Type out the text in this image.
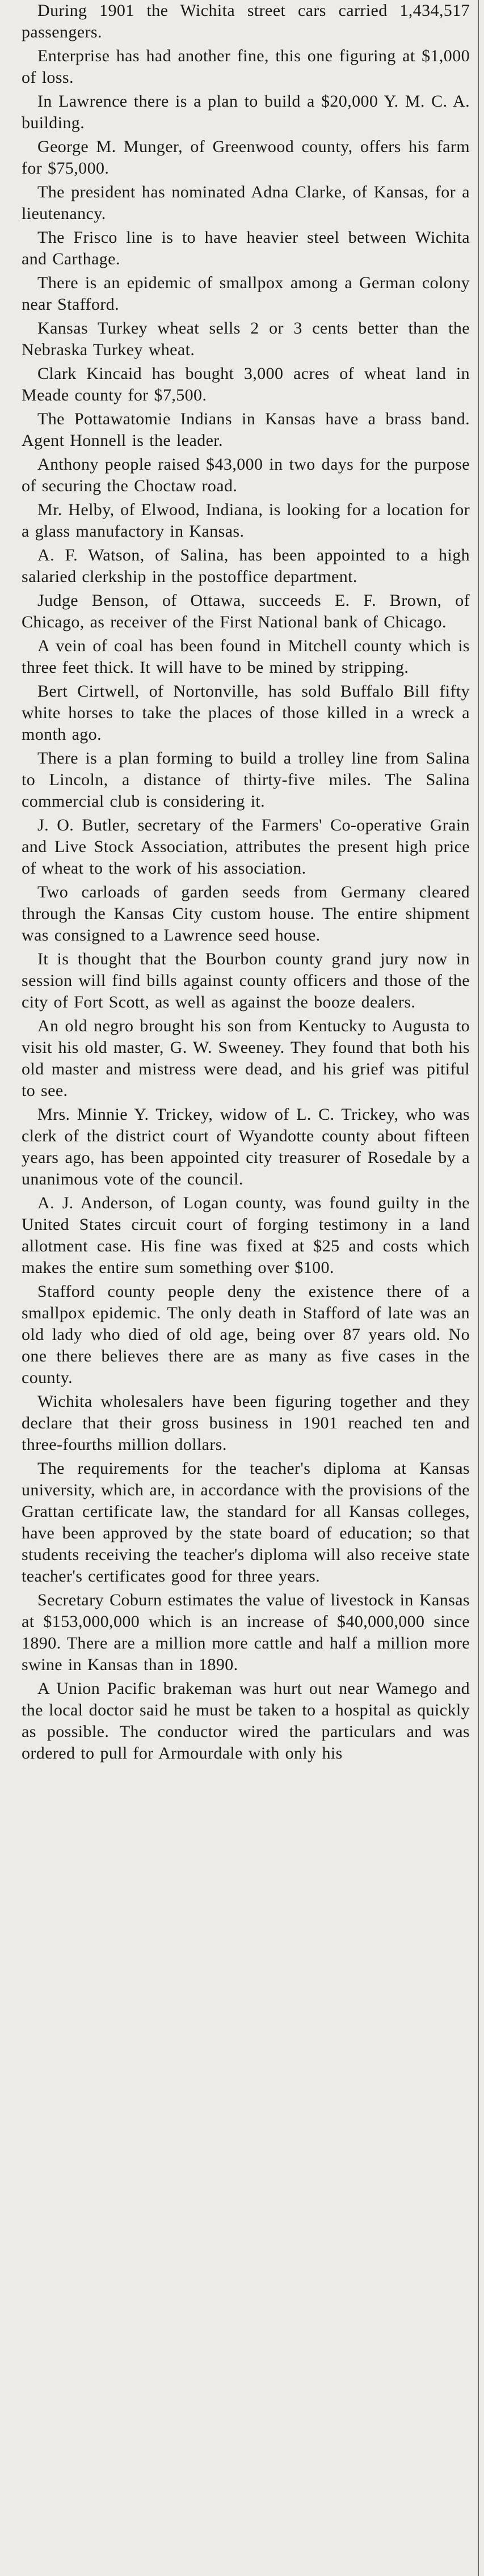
During 1901 the Wichita street cars carried 1,434,517 passengers.

Enterprise has had another fine, this one figuring at $1,000 of loss.

In Lawrence there is a plan to build a $20,000 Y. M. C. A. building.

George M. Munger, of Greenwood county, offers his farm for $75,000.

The president has nominated Adna Clarke, of Kansas, for a lieutenancy.

The Frisco line is to have heavier steel between Wichita and Carthage.

There is an epidemic of smallpox among a German colony near Stafford.

Kansas Turkey wheat sells 2 or 3 cents better than the Nebraska Turkey wheat.

Clark Kincaid has bought 3,000 acres of wheat land in Meade county for $7,500.

The Pottawatomie Indians in Kansas have a brass band. Agent Honnell is the leader.

Anthony people raised $43,000 in two days for the purpose of securing the Choctaw road.

Mr. Helby, of Elwood, Indiana, is looking for a location for a glass manufactory in Kansas.

A. F. Watson, of Salina, has been appointed to a high salaried clerkship in the postoffice department.

Judge Benson, of Ottawa, succeeds E. F. Brown, of Chicago, as receiver of the First National bank of Chicago.

A vein of coal has been found in Mitchell county which is three feet thick. It will have to be mined by stripping.

Bert Cirtwell, of Nortonville, has sold Buffalo Bill fifty white horses to take the places of those killed in a wreck a month ago.

There is a plan forming to build a trolley line from Salina to Lincoln, a distance of thirty-five miles. The Salina commercial club is considering it.

J. O. Butler, secretary of the Farmers' Co-operative Grain and Live Stock Association, attributes the present high price of wheat to the work of his association.

Two carloads of garden seeds from Germany cleared through the Kansas City custom house. The entire shipment was consigned to a Lawrence seed house.

It is thought that the Bourbon county grand jury now in session will find bills against county officers and those of the city of Fort Scott, as well as against the booze dealers.

An old negro brought his son from Kentucky to Augusta to visit his old master, G. W. Sweeney. They found that both his old master and mistress were dead, and his grief was pitiful to see.

Mrs. Minnie Y. Trickey, widow of L. C. Trickey, who was clerk of the district court of Wyandotte county about fifteen years ago, has been appointed city treasurer of Rosedale by a unanimous vote of the council.

A. J. Anderson, of Logan county, was found guilty in the United States circuit court of forging testimony in a land allotment case. His fine was fixed at $25 and costs which makes the entire sum something over $100.

Stafford county people deny the existence there of a smallpox epidemic. The only death in Stafford of late was an old lady who died of old age, being over 87 years old. No one there believes there are as many as five cases in the county.

Wichita wholesalers have been figuring together and they declare that their gross business in 1901 reached ten and three-fourths million dollars.

The requirements for the teacher's diploma at Kansas university, which are, in accordance with the provisions of the Grattan certificate law, the standard for all Kansas colleges, have been approved by the state board of education; so that students receiving the teacher's diploma will also receive state teacher's certificates good for three years.

Secretary Coburn estimates the value of livestock in Kansas at $153,000,000 which is an increase of $40,000,000 since 1890. There are a million more cattle and half a million more swine in Kansas than in 1890.

A Union Pacific brakeman was hurt out near Wamego and the local doctor said he must be taken to a hospital as quickly as possible. The conductor wired the particulars and was ordered to pull for Armourdale with only his
